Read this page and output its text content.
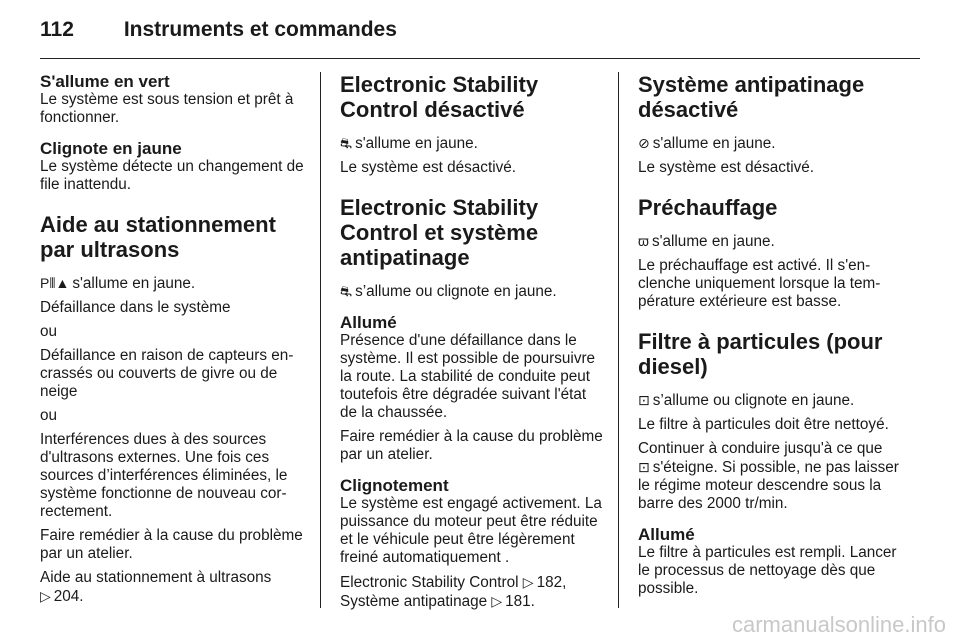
112 Instruments et commandes
S'allume en vert

Le système est sous tension et prêt à fonctionner.

Clignote en jaune

Le système détecte un changement de file inattendu.

Aide au stationnement par ultrasons

P⦀▲ s'allume en jaune.

Défaillance dans le système

ou

Défaillance en raison de capteurs encrassés ou couverts de givre ou de neige

ou

Interférences dues à des sources d'ultrasons externes. Une fois ces sources d’interférences éliminées, le système fonctionne de nouveau correctement.

Faire remédier à la cause du problème par un atelier.

Aide au stationnement à ultrasons
▷ 204.

Electronic Stability Control désactivé

⛐ s'allume en jaune.

Le système est désactivé.

Electronic Stability Control et système antipatinage

⛐ s’allume ou clignote en jaune.

Allumé

Présence d'une défaillance dans le système. Il est possible de poursuivre la route. La stabilité de conduite peut toutefois être dégradée suivant l'état de la chaussée.

Faire remédier à la cause du problème par un atelier.

Clignotement

Le système est engagé activement. La puissance du moteur peut être réduite et le véhicule peut être légèrement freiné automatiquement .

Electronic Stability Control ▷ 182,
Système antipatinage ▷ 181.

Système antipatinage désactivé

⊘ s'allume en jaune.

Le système est désactivé.

Préchauffage

ϖ s'allume en jaune.

Le préchauffage est activé. Il s'enclenche uniquement lorsque la température extérieure est basse.

Filtre à particules (pour diesel)

⊡ s’allume ou clignote en jaune.

Le filtre à particules doit être nettoyé.

Continuer à conduire jusqu'à ce que
⊡ s'éteigne. Si possible, ne pas laisser le régime moteur descendre sous la barre des 2000 tr/min.

Allumé

Le filtre à particules est rempli. Lancer le processus de nettoyage dès que possible.

carmanualsonline.info
